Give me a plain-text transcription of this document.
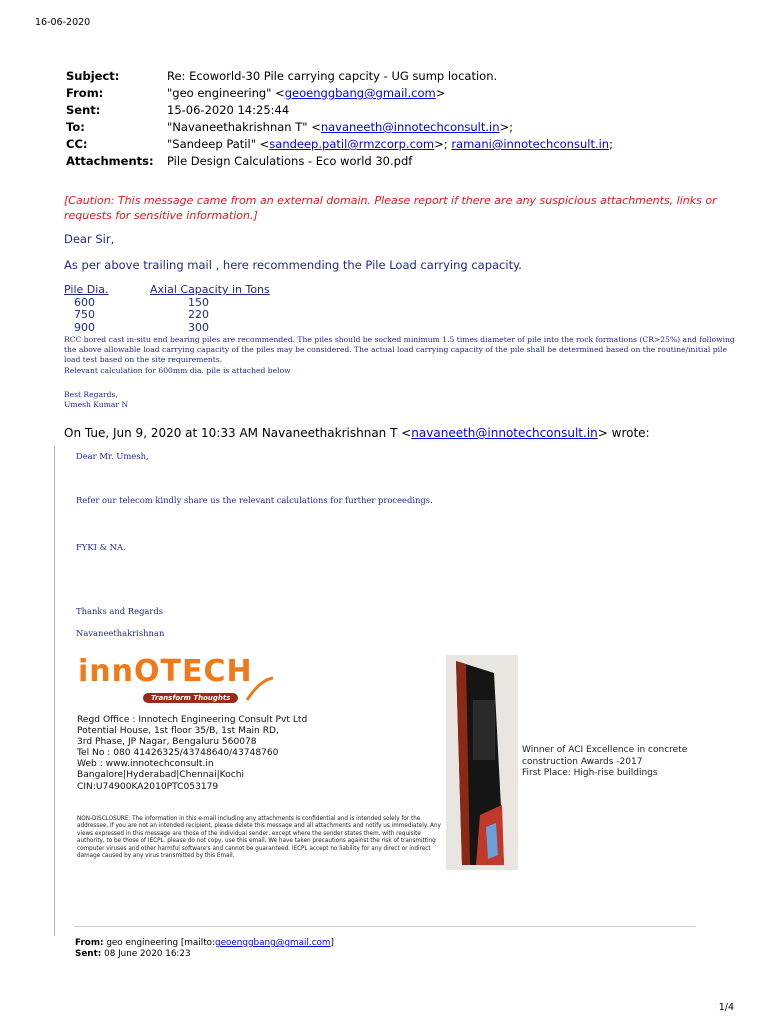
16-06-2020
Subject:	Re: Ecoworld-30 Pile carrying capcity - UG sump location.
From:	"geo engineering" <geoenggbang@gmail.com>
Sent:	15-06-2020 14:25:44
To:	"Navaneethakrishnan T" <navaneeth@innotechconsult.in>;
CC:	"Sandeep Patil" <sandeep.patil@rmzcorp.com>; ramani@innotechconsult.in;
Attachments:	Pile Design Calculations - Eco world 30.pdf
[Caution: This message came from an external domain. Please report if there are any suspicious attachments, links or requests for sensitive information.]
Dear Sir,
As per above trailing mail , here recommending the Pile Load carrying capacity.
Pile Dia.	Axial Capacity in Tons
600	150
750	220
900	300
RCC bored cast in-situ end bearing piles are recommended. The piles should be socked minimum 1.5 times diameter of pile into the rock formations (CR>25%) and following the above allowable load carrying capacity of the piles may be considered. The actual load carrying capacity of the pile shall be determined based on the routine/initial pile load test based on the site requirements.
Relevant calculation for 600mm dia. pile is attached below
Best Regards,
Umesh Kumar N
On Tue, Jun 9, 2020 at 10:33 AM Navaneethakrishnan T <navaneeth@innotechconsult.in> wrote:
Dear Mr. Umesh,
Refer our telecom kindly share us the relevant calculations for further proceedings.
FYKI & NA.
Thanks and Regards
Navaneethakrishnan
innOTECH
Transform Thoughts
Regd Office : Innotech Engineering Consult Pvt Ltd
Potential House, 1st floor 35/B, 1st Main RD,
3rd Phase, JP Nagar, Bengaluru 560078
Tel No : 080 41426325/43748640/43748760
Web : www.innotechconsult.in
Bangalore|Hyderabad|Chennai|Kochi
CIN:U74900KA2010PTC053179
NON-DISCLOSURE: The information in this e-mail including any attachments is confidential and is intended solely for the addressee. If you are not an intended recipient, please delete this message and all attachments and notify us immediately. Any views expressed in this message are those of the individual sender, except where the sender states them, with requisite authority, to be those of IECPL. please do not copy, use this email. We have taken precautions against the risk of transmitting computer viruses and other harmful software's and cannot be guaranteed. IECPL accept no liability for any direct or indirect damage caused by any virus transmitted by this Email.
Winner of ACI Excellence in concrete
construction Awards -2017
First Place: High-rise buildings
From: geo engineering [mailto:geoenggbang@gmail.com]
Sent: 08 June 2020 16:23
1/4
